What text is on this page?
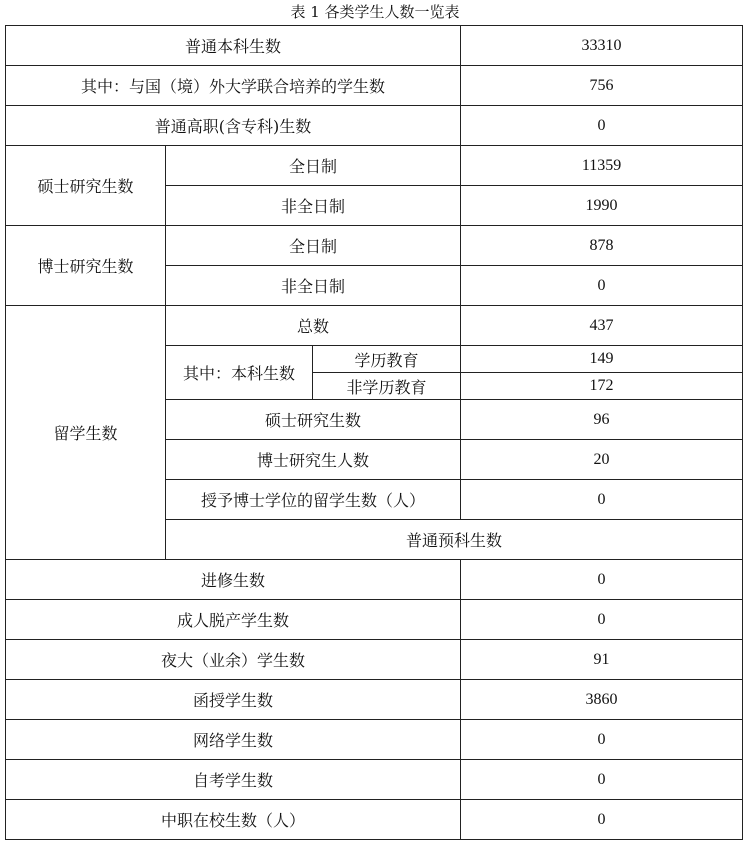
表 1 各类学生人数一览表
普通本科生数			33310	
其中：与国（境）外大学联合培养的学生数			756	
普通高职(含专科)生数			0	
硕士研究生数	全日制		11359	
	非全日制		1990	
博士研究生数	全日制		878	
	非全日制		0	
留学生数	总数		437	
	其中：本科生数	学历教育	149	
		非学历教育	172	
	硕士研究生数		96	
	博士研究生人数		20	
	授予博士学位的留学生数（人）		0	
	普通预科生数	
进修生数			0	
成人脱产学生数			0	
夜大（业余）学生数			91	
函授学生数			3860	
网络学生数			0	
自考学生数			0	
中职在校生数（人）			0	
